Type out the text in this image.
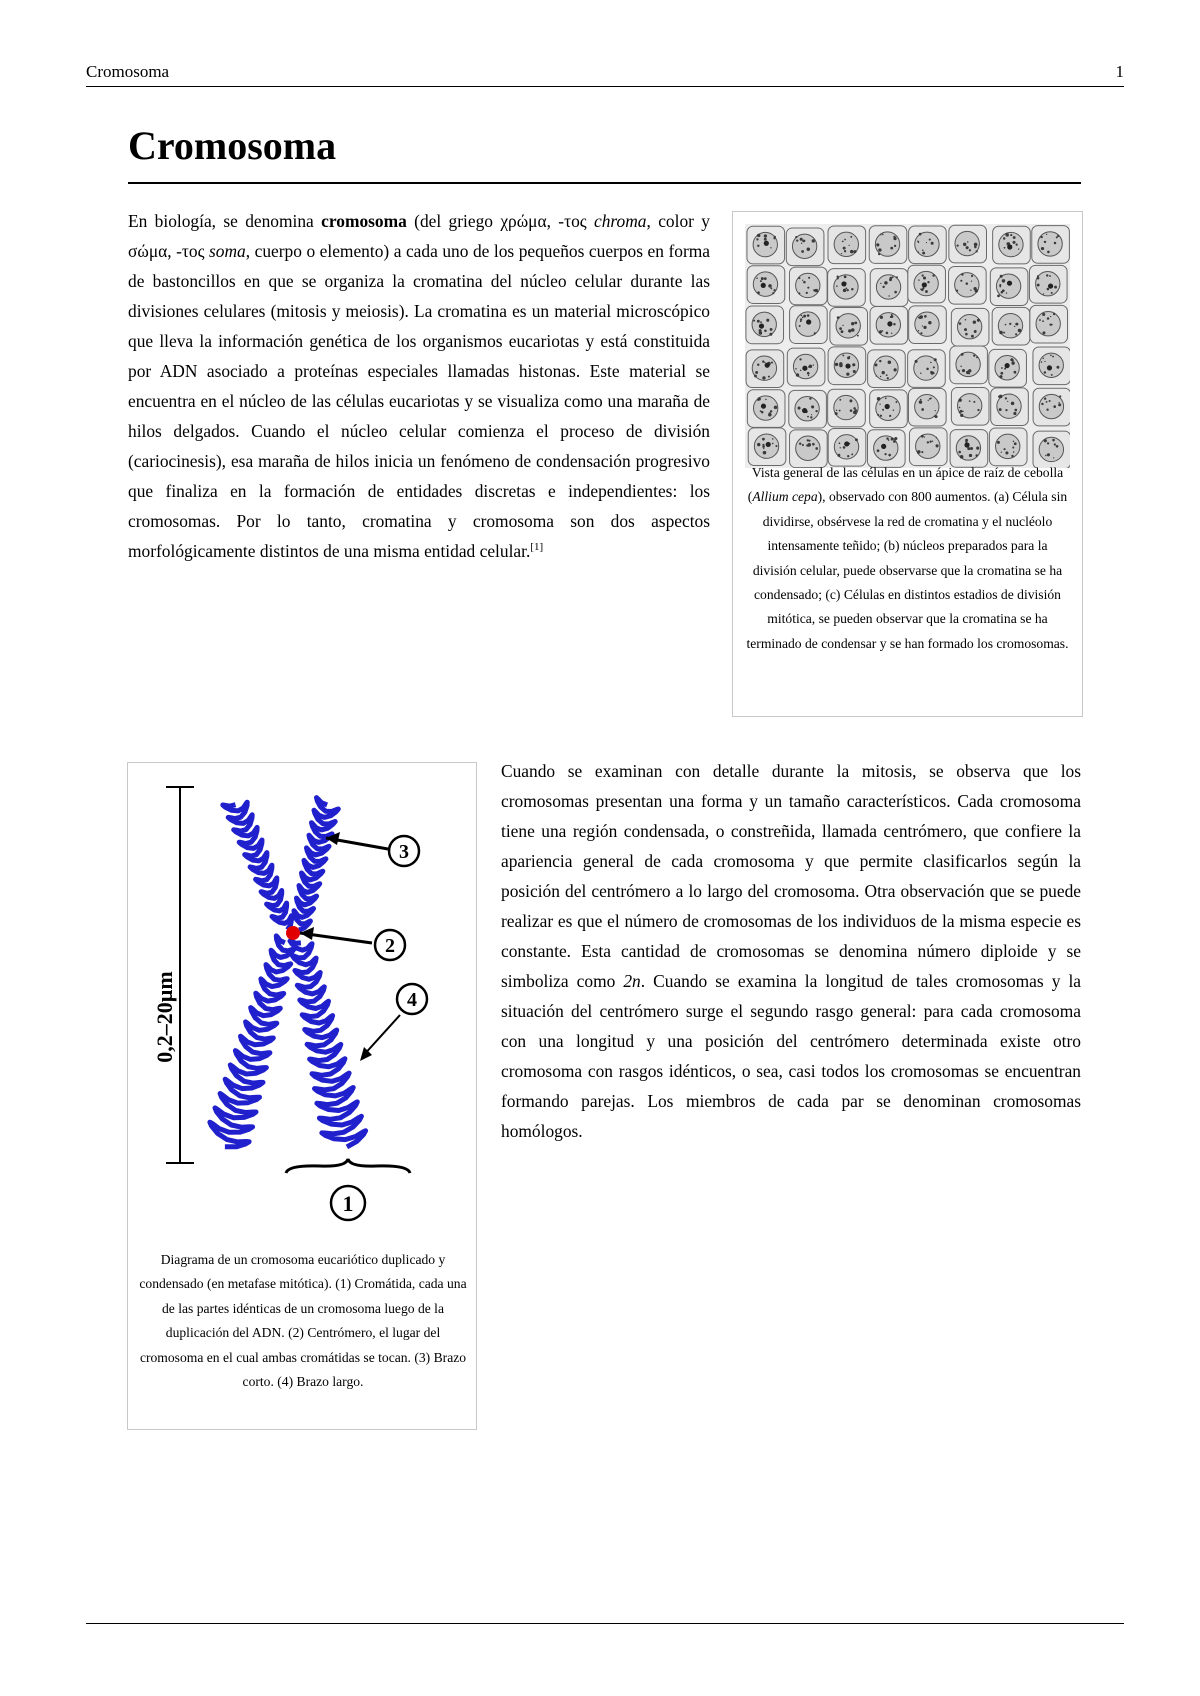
Cromosoma	1
Cromosoma

En biología, se denomina cromosoma (del griego χρώμα, -τος chroma, color y σώμα, -τος soma, cuerpo o elemento) a cada uno de los pequeños cuerpos en forma de bastoncillos en que se organiza la cromatina del núcleo celular durante las divisiones celulares (mitosis y meiosis). La cromatina es un material microscópico que lleva la información genética de los organismos eucariotas y está constituida por ADN asociado a proteínas especiales llamadas histonas. Este material se encuentra en el núcleo de las células eucariotas y se visualiza como una maraña de hilos delgados. Cuando el núcleo celular comienza el proceso de división (cariocinesis), esa maraña de hilos inicia un fenómeno de condensación progresivo que finaliza en la formación de entidades discretas e independientes: los cromosomas. Por lo tanto, cromatina y cromosoma son dos aspectos morfológicamente distintos de una misma entidad celular.[1]

Vista general de las células en un ápice de raíz de cebolla (Allium cepa), observado con 800 aumentos. (a) Célula sin dividirse, obsérvese la red de cromatina y el nucléolo intensamente teñido; (b) núcleos preparados para la división celular, puede observarse que la cromatina se ha condensado; (c) Células en distintos estadios de división mitótica, se pueden observar que la cromatina se ha terminado de condensar y se han formado los cromosomas.
0,2–20µm
3
2
4
1
Diagrama de un cromosoma eucariótico duplicado y condensado (en metafase mitótica). (1) Cromátida, cada una de las partes idénticas de un cromosoma luego de la duplicación del ADN. (2) Centrómero, el lugar del cromosoma en el cual ambas cromátidas se tocan. (3) Brazo corto. (4) Brazo largo.

Cuando se examinan con detalle durante la mitosis, se observa que los cromosomas presentan una forma y un tamaño característicos. Cada cromosoma tiene una región condensada, o constreñida, llamada centrómero, que confiere la apariencia general de cada cromosoma y que permite clasificarlos según la posición del centrómero a lo largo del cromosoma. Otra observación que se puede realizar es que el número de cromosomas de los individuos de la misma especie es constante. Esta cantidad de cromosomas se denomina número diploide y se simboliza como 2n. Cuando se examina la longitud de tales cromosomas y la situación del centrómero surge el segundo rasgo general: para cada cromosoma con una longitud y una posición del centrómero determinada existe otro cromosoma con rasgos idénticos, o sea, casi todos los cromosomas se encuentran formando parejas. Los miembros de cada par se denominan cromosomas homólogos.
